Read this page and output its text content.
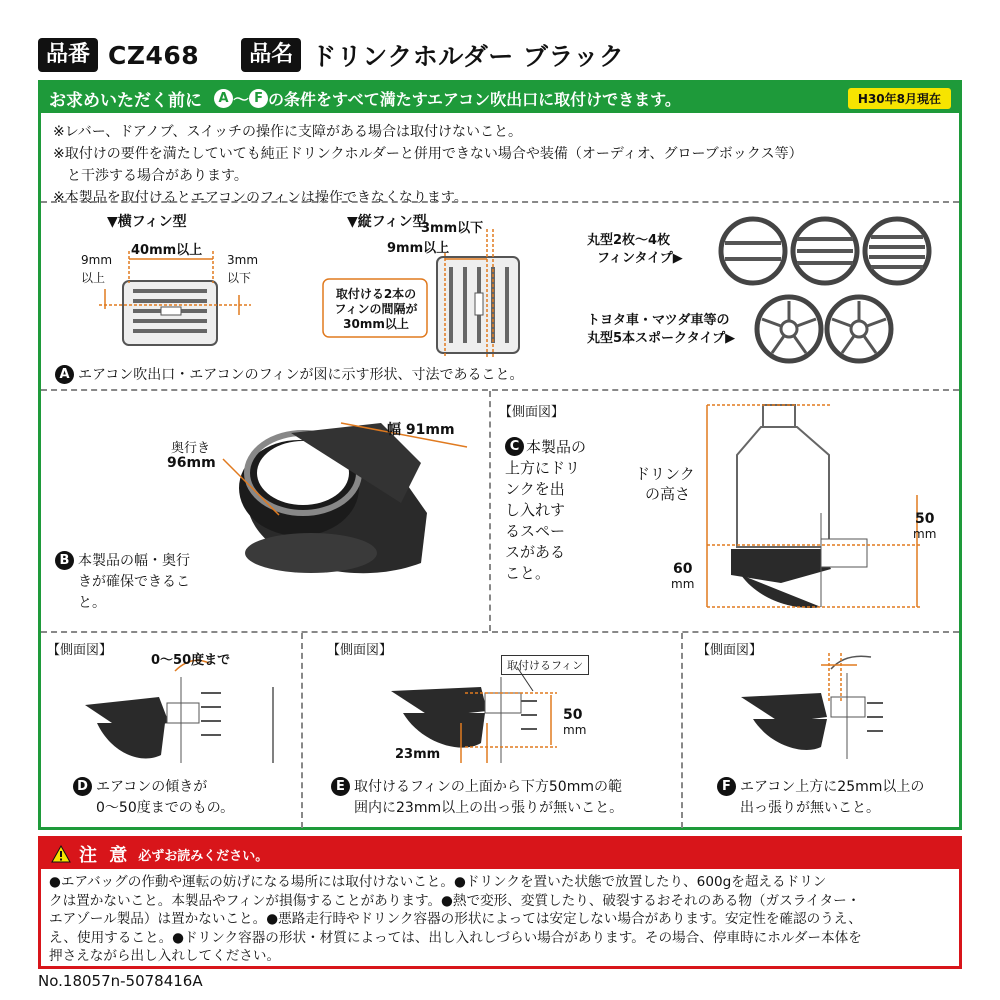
品番 CZ468	品名 ドリンクホルダー ブラック
お求めいただく前に	A 〜 F の条件をすべて満たすエアコン吹出口に取付けできます。	H30年8月現在
※レバー、ドアノブ、スイッチの操作に支障がある場合は取付けないこと。
※取付けの要件を満たしていても純正ドリンクホルダーと併用できない場合や装備（オーディオ、グローブボックス等）
　と干渉する場合があります。
※本製品を取付けるとエアコンのフィンは操作できなくなります。
▼横フィン型
40mm以上
9mm
以上
3mm
以下
▼縦フィン型
3mm以下
9mm以上
取付ける2本の
フィンの間隔が
30mm以上
丸型2枚〜4枚
フィンタイプ▶
トヨタ車・マツダ車等の
丸型5本スポークタイプ▶
A エアコン吹出口・エアコンのフィンが図に示す形状、寸法であること。
奥行き
96mm
幅 91mm
B 本製品の幅・奥行
きが確保できるこ
と。
【側面図】
C 本製品の
上方にドリ
ンクを出
し入れす
るスペー
スがある
こと。
ドリンク
の高さ
50
mm
60
mm
【側面図】
0〜50度まで
D エアコンの傾きが
0〜50度までのもの。
【側面図】
取付けるフィン
50
mm
23mm
E 取付けるフィンの上面から下方50mmの範
囲内に23mm以上の出っ張りが無いこと。
【側面図】
F エアコン上方に25mm以上の
出っ張りが無いこと。
注 意 必ずお読みください。
●エアバッグの作動や運転の妨げになる場所には取付けないこと。●ドリンクを置いた状態で放置したり、600gを超えるドリン
クは置かないこと。本製品やフィンが損傷することがあります。●熱で変形、変質したり、破裂するおそれのある物（ガスライター・
エアゾール製品）は置かないこと。●悪路走行時やドリンク容器の形状によっては安定しない場合があります。安定性を確認のうえ、
え、使用すること。●ドリンク容器の形状・材質によっては、出し入れしづらい場合があります。その場合、停車時にホルダー本体を
押さえながら出し入れしてください。
No.18057n-5078416A
